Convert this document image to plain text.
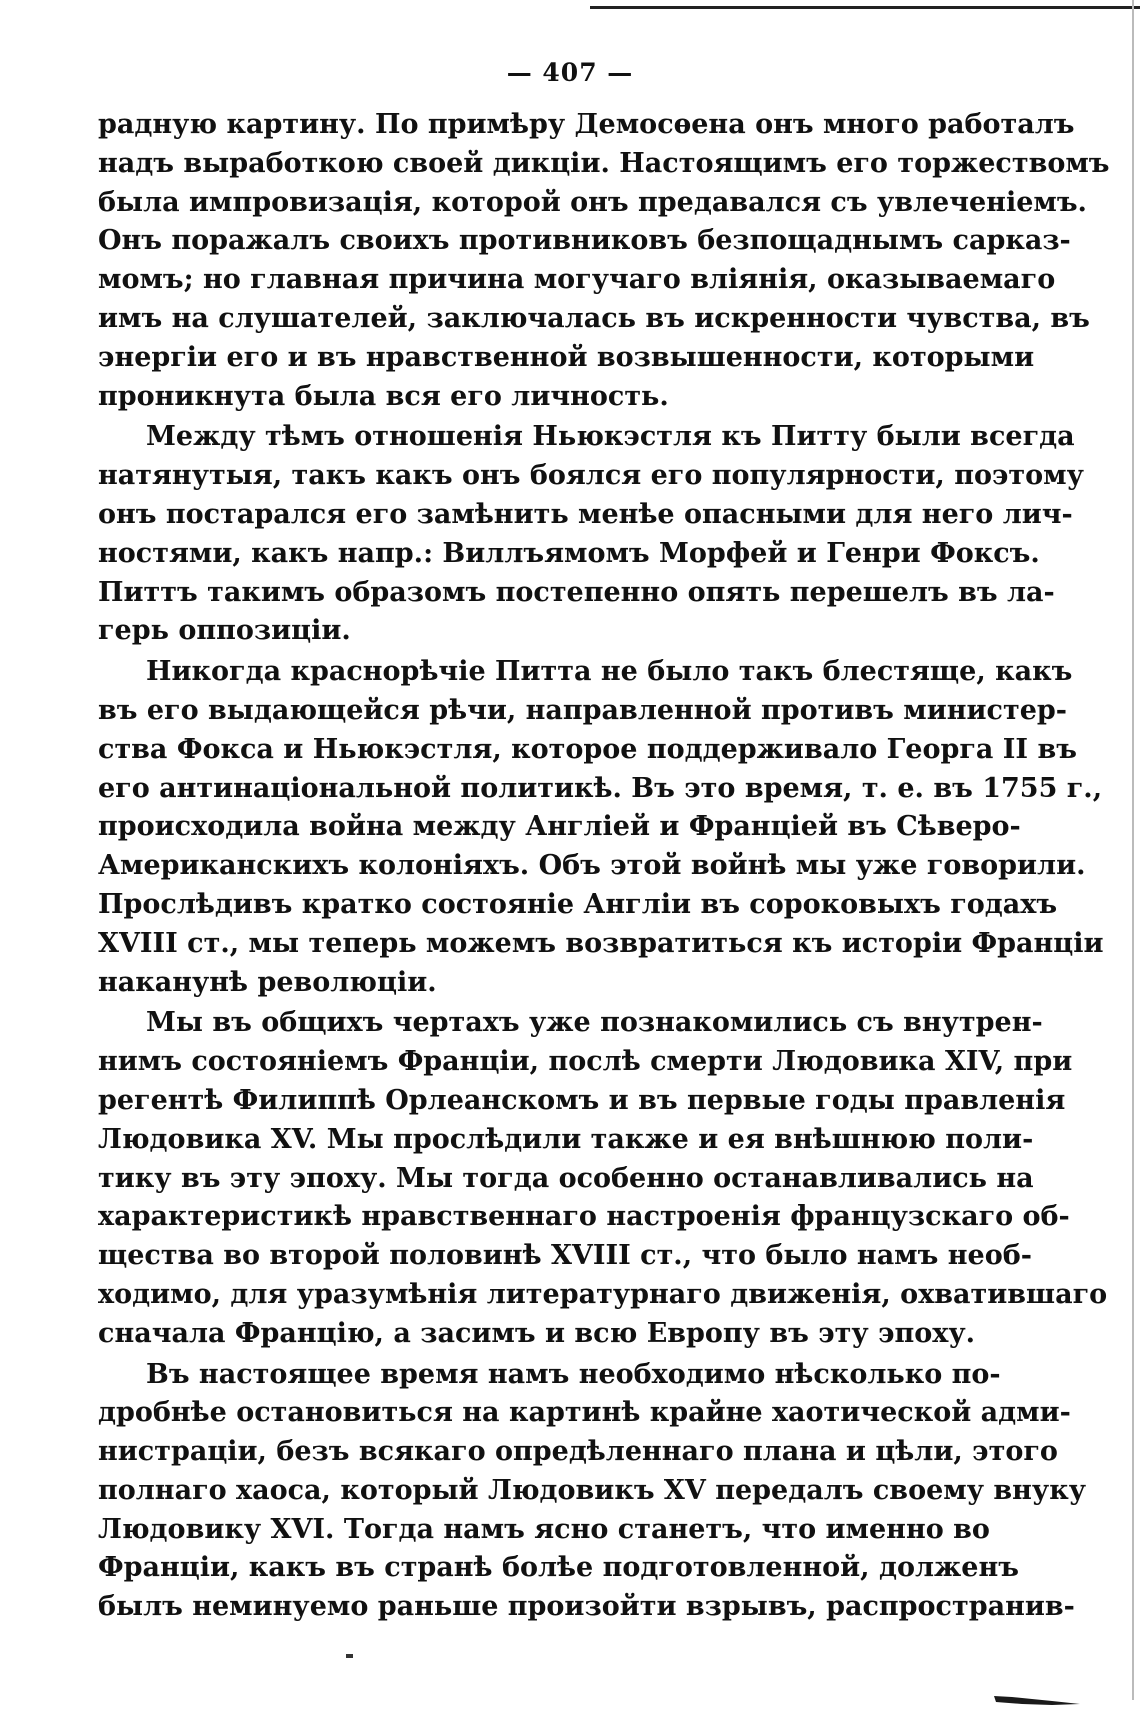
— 407 —
радную картину. По примѣру Демосѳена онъ много работалъ
надъ выработкою своей дикціи. Настоящимъ его торжествомъ
была импровизація, которой онъ предавался съ увлеченіемъ.
Онъ поражалъ своихъ противниковъ безпощаднымъ сарказ-
момъ; но главная причина могучаго вліянія, оказываемаго
имъ на слушателей, заключалась въ искренности чувства, въ
энергіи его и въ нравственной возвышенности, которыми
проникнута была вся его личность.
Между тѣмъ отношенія Ньюкэстля къ Питту были всегда
натянутыя, такъ какъ онъ боялся его популярности, поэтому
онъ постарался его замѣнить менѣе опасными для него лич-
ностями, какъ напр.: Виллъямомъ Морфей и Генри Фоксъ.
Питтъ такимъ образомъ постепенно опять перешелъ въ ла-
герь оппозиціи.
Никогда краснорѣчіе Питта не было такъ блестяще, какъ
въ его выдающейся рѣчи, направленной противъ министер-
ства Фокса и Ньюкэстля, которое поддерживало Георга II въ
его антинаціональной политикѣ. Въ это время, т. е. въ 1755 г.,
происходила война между Англіей и Франціей въ Сѣверо-
Американскихъ колоніяхъ. Объ этой войнѣ мы уже говорили.
Прослѣдивъ кратко состояніе Англіи въ сороковыхъ годахъ
XVIII ст., мы теперь можемъ возвратиться къ исторіи Франціи
наканунѣ революціи.
Мы въ общихъ чертахъ уже познакомились съ внутрен-
нимъ состояніемъ Франціи, послѣ смерти Людовика XIV, при
регентѣ Филиппѣ Орлеанскомъ и въ первые годы правленія
Людовика XV. Мы прослѣдили также и ея внѣшнюю поли-
тику въ эту эпоху. Мы тогда особенно останавливались на
характеристикѣ нравственнаго настроенія французскаго об-
щества во второй половинѣ XVIII ст., что было намъ необ-
ходимо, для уразумѣнія литературнаго движенія, охватившаго
сначала Францію, а засимъ и всю Европу въ эту эпоху.
Въ настоящее время намъ необходимо нѣсколько по-
дробнѣе остановиться на картинѣ крайне хаотической адми-
нистраціи, безъ всякаго опредѣленнаго плана и цѣли, этого
полнаго хаоса, который Людовикъ XV передалъ своему внуку
Людовику XVI. Тогда намъ ясно станетъ, что именно во
Франціи, какъ въ странѣ болѣе подготовленной, долженъ
былъ неминуемо раньше произойти взрывъ, распространив-
